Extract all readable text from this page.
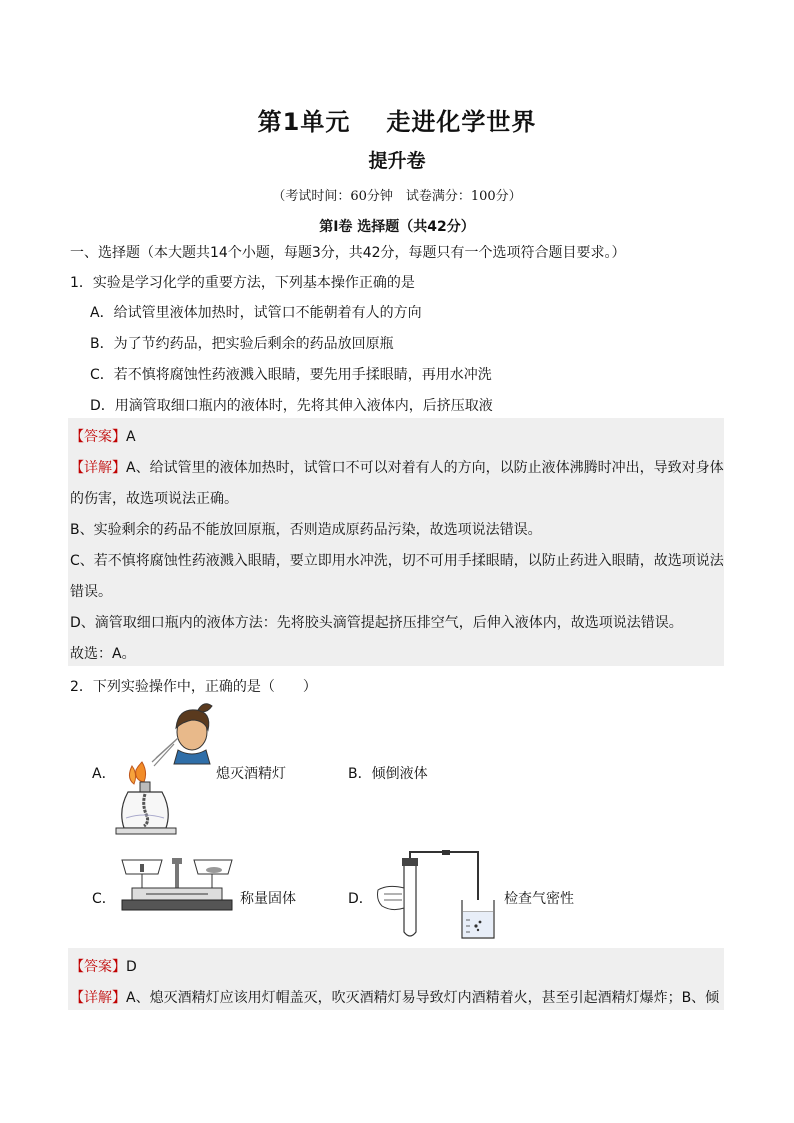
第1单元 走进化学世界
提升卷
（考试时间：60分钟　试卷满分：100分）
第Ⅰ卷 选择题（共42分）
一、选择题（本大题共14个小题，每题3分，共42分，每题只有一个选项符合题目要求。）
1．实验是学习化学的重要方法，下列基本操作正确的是
A．给试管里液体加热时，试管口不能朝着有人的方向
B．为了节约药品，把实验后剩余的药品放回原瓶
C．若不慎将腐蚀性药液溅入眼睛，要先用手揉眼睛，再用水冲洗
D．用滴管取细口瓶内的液体时，先将其伸入液体内，后挤压取液
【答案】A
【详解】A、给试管里的液体加热时，试管口不可以对着有人的方向，以防止液体沸腾时冲出，导致对身体
的伤害，故选项说法正确。
B、实验剩余的药品不能放回原瓶，否则造成原药品污染，故选项说法错误。
C、若不慎将腐蚀性药液溅入眼睛，要立即用水冲洗，切不可用手揉眼睛，以防止药进入眼睛，故选项说法
错误。
D、滴管取细口瓶内的液体方法：先将胶头滴管提起挤压排空气，后伸入液体内，故选项说法错误。
故选：A。
2．下列实验操作中，正确的是（　　）
A．	熄灭酒精灯	B．倾倒液体
C．	称量固体	D．	检查气密性
【答案】D
【详解】A、熄灭酒精灯应该用灯帽盖灭，吹灭酒精灯易导致灯内酒精着火，甚至引起酒精灯爆炸；B、倾
